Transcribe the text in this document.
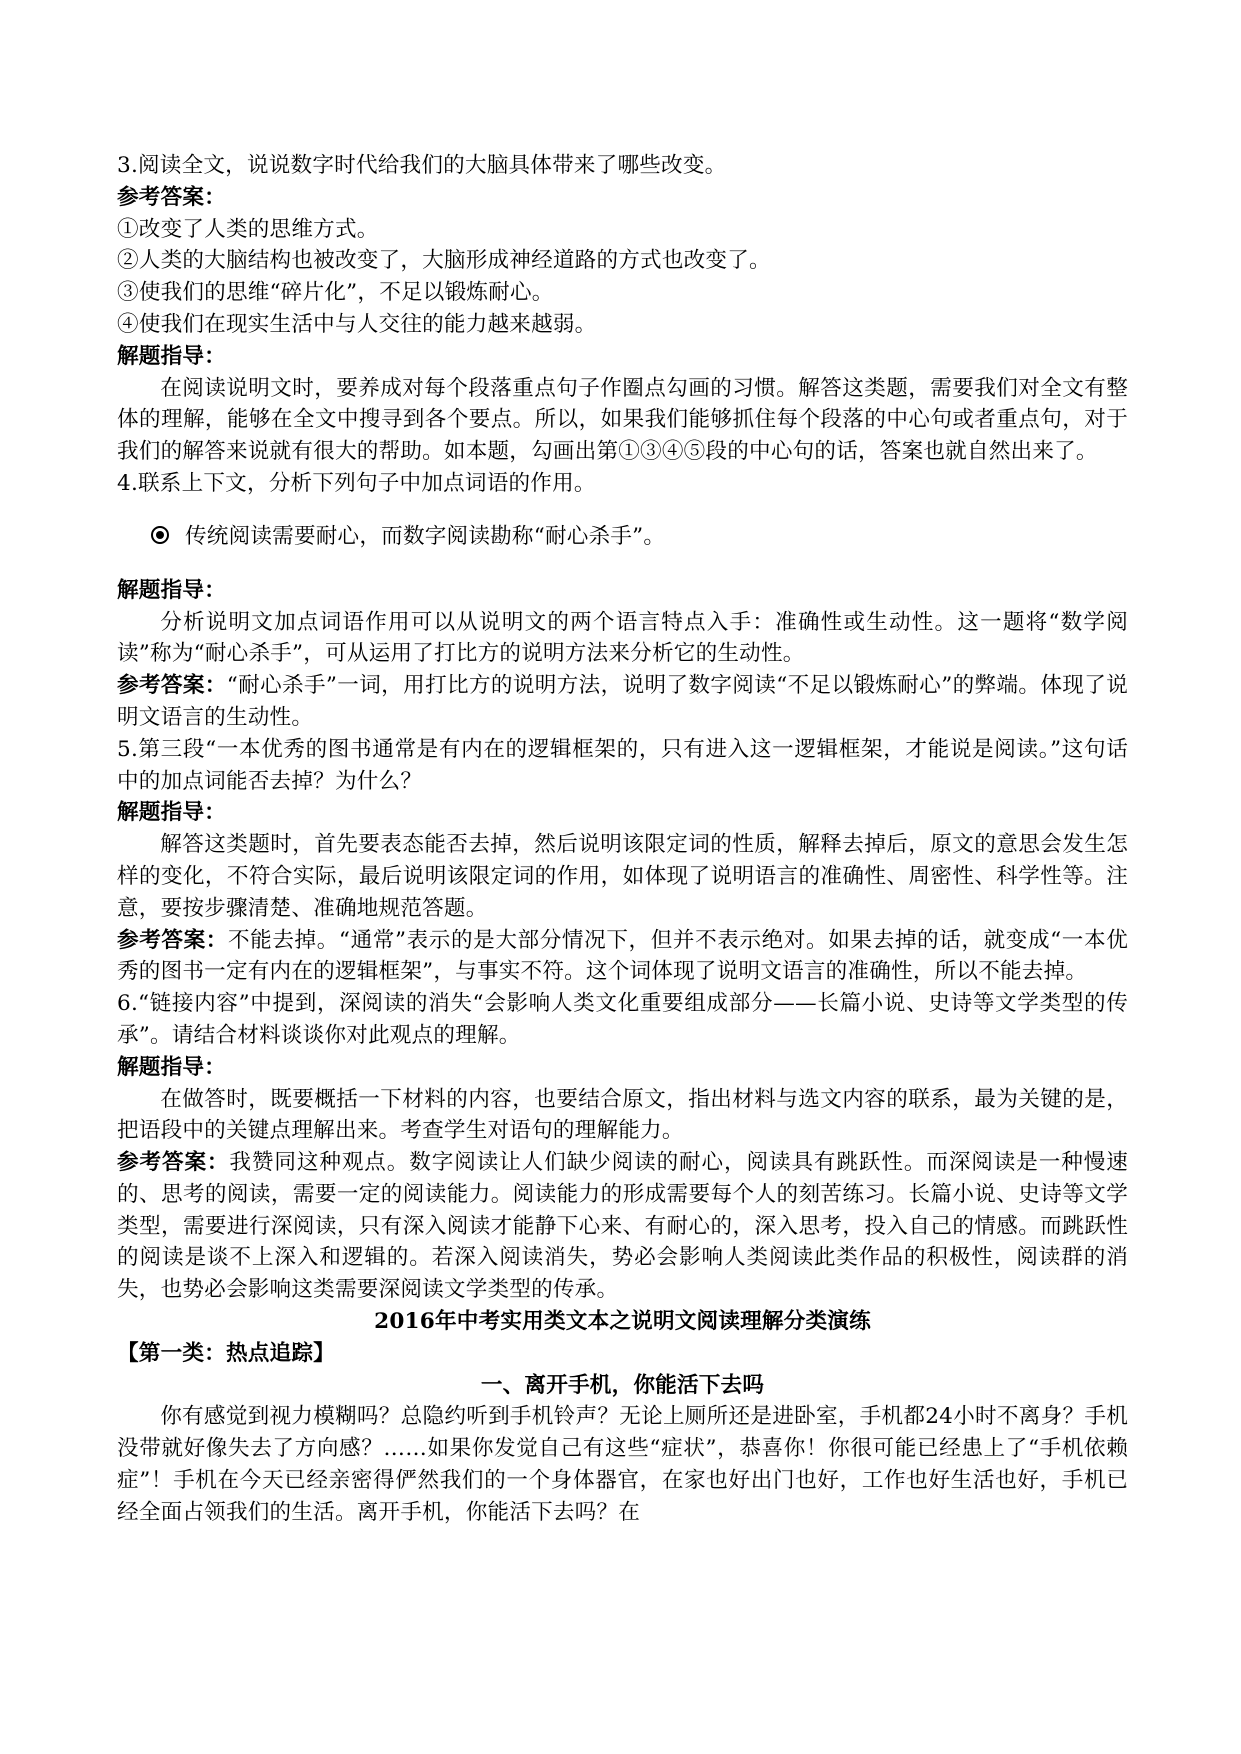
3.阅读全文，说说数字时代给我们的大脑具体带来了哪些改变。

参考答案：

①改变了人类的思维方式。

②人类的大脑结构也被改变了，大脑形成神经道路的方式也改变了。

③使我们的思维“碎片化”，不足以锻炼耐心。

④使我们在现实生活中与人交往的能力越来越弱。

解题指导：

在阅读说明文时，要养成对每个段落重点句子作圈点勾画的习惯。解答这类题，需要我们对全文有整体的理解，能够在全文中搜寻到各个要点。所以，如果我们能够抓住每个段落的中心句或者重点句，对于我们的解答来说就有很大的帮助。如本题，勾画出第①③④⑤段的中心句的话，答案也就自然出来了。

4.联系上下文，分析下列句子中加点词语的作用。

传统阅读需要耐心，而数字阅读勘称“耐心杀手”。

解题指导：

分析说明文加点词语作用可以从说明文的两个语言特点入手：准确性或生动性。这一题将“数学阅读”称为“耐心杀手”，可从运用了打比方的说明方法来分析它的生动性。

参考答案：“耐心杀手”一词，用打比方的说明方法，说明了数字阅读“不足以锻炼耐心”的弊端。体现了说明文语言的生动性。

5.第三段“一本优秀的图书通常是有内在的逻辑框架的，只有进入这一逻辑框架，才能说是阅读。”这句话中的加点词能否去掉？为什么？

解题指导：

解答这类题时，首先要表态能否去掉，然后说明该限定词的性质，解释去掉后，原文的意思会发生怎样的变化，不符合实际，最后说明该限定词的作用，如体现了说明语言的准确性、周密性、科学性等。注意，要按步骤清楚、准确地规范答题。

参考答案：不能去掉。“通常”表示的是大部分情况下，但并不表示绝对。如果去掉的话，就变成“一本优秀的图书一定有内在的逻辑框架”，与事实不符。这个词体现了说明文语言的准确性，所以不能去掉。

6.“链接内容”中提到，深阅读的消失“会影响人类文化重要组成部分——长篇小说、史诗等文学类型的传承”。请结合材料谈谈你对此观点的理解。

解题指导：

在做答时，既要概括一下材料的内容，也要结合原文，指出材料与选文内容的联系，最为关键的是，把语段中的关键点理解出来。考查学生对语句的理解能力。

参考答案：我赞同这种观点。数字阅读让人们缺少阅读的耐心，阅读具有跳跃性。而深阅读是一种慢速的、思考的阅读，需要一定的阅读能力。阅读能力的形成需要每个人的刻苦练习。长篇小说、史诗等文学类型，需要进行深阅读，只有深入阅读才能静下心来、有耐心的，深入思考，投入自己的情感。而跳跃性的阅读是谈不上深入和逻辑的。若深入阅读消失，势必会影响人类阅读此类作品的积极性，阅读群的消失，也势必会影响这类需要深阅读文学类型的传承。

2016年中考实用类文本之说明文阅读理解分类演练

【第一类：热点追踪】

一、离开手机，你能活下去吗

你有感觉到视力模糊吗？总隐约听到手机铃声？无论上厕所还是进卧室，手机都24小时不离身？手机没带就好像失去了方向感？……如果你发觉自己有这些“症状”，恭喜你！你很可能已经患上了“手机依赖症”！手机在今天已经亲密得俨然我们的一个身体器官，在家也好出门也好，工作也好生活也好，手机已经全面占领我们的生活。离开手机，你能活下去吗？在
